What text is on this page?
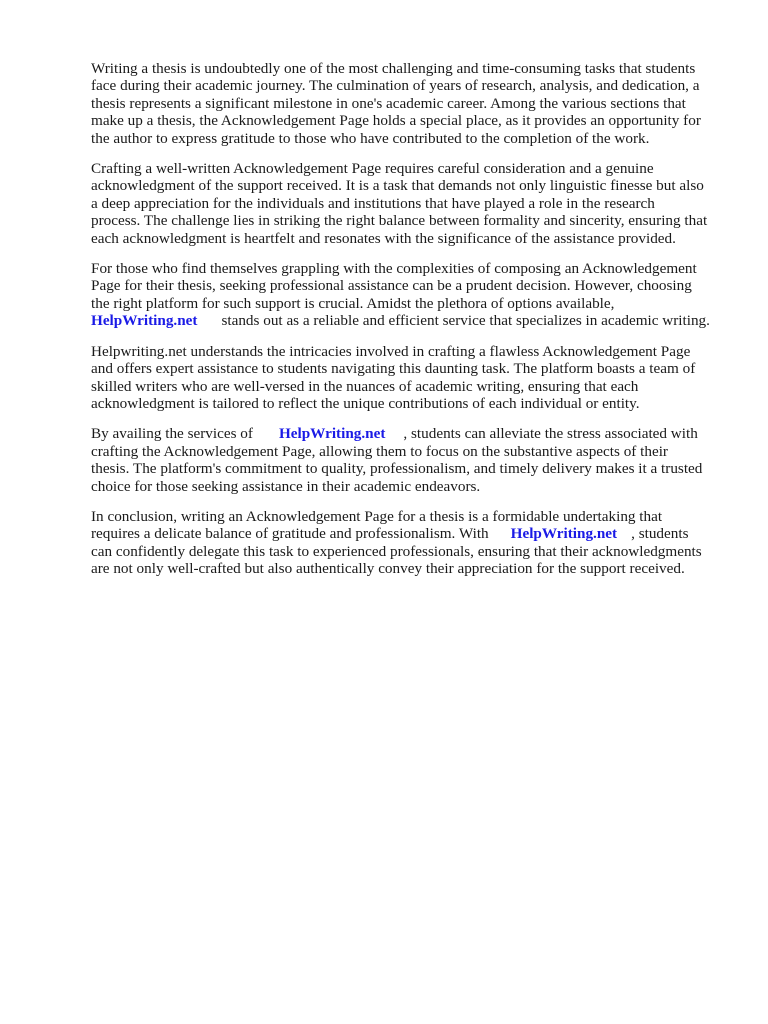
Writing a thesis is undoubtedly one of the most challenging and time-consuming tasks that students
face during their academic journey. The culmination of years of research, analysis, and dedication, a
thesis represents a significant milestone in one's academic career. Among the various sections that
make up a thesis, the Acknowledgement Page holds a special place, as it provides an opportunity for
the author to express gratitude to those who have contributed to the completion of the work.
Crafting a well-written Acknowledgement Page requires careful consideration and a genuine
acknowledgment of the support received. It is a task that demands not only linguistic finesse but also
a deep appreciation for the individuals and institutions that have played a role in the research
process. The challenge lies in striking the right balance between formality and sincerity, ensuring that
each acknowledgment is heartfelt and resonates with the significance of the assistance provided.
For those who find themselves grappling with the complexities of composing an Acknowledgement
Page for their thesis, seeking professional assistance can be a prudent decision. However, choosing
the right platform for such support is crucial. Amidst the plethora of options available,
HelpWriting.net stands out as a reliable and efficient service that specializes in academic writing.
Helpwriting.net understands the intricacies involved in crafting a flawless Acknowledgement Page
and offers expert assistance to students navigating this daunting task. The platform boasts a team of
skilled writers who are well-versed in the nuances of academic writing, ensuring that each
acknowledgment is tailored to reflect the unique contributions of each individual or entity.
By availing the services of HelpWriting.net , students can alleviate the stress associated with
crafting the Acknowledgement Page, allowing them to focus on the substantive aspects of their
thesis. The platform's commitment to quality, professionalism, and timely delivery makes it a trusted
choice for those seeking assistance in their academic endeavors.
In conclusion, writing an Acknowledgement Page for a thesis is a formidable undertaking that
requires a delicate balance of gratitude and professionalism. With HelpWriting.net , students
can confidently delegate this task to experienced professionals, ensuring that their acknowledgments
are not only well-crafted but also authentically convey their appreciation for the support received.
